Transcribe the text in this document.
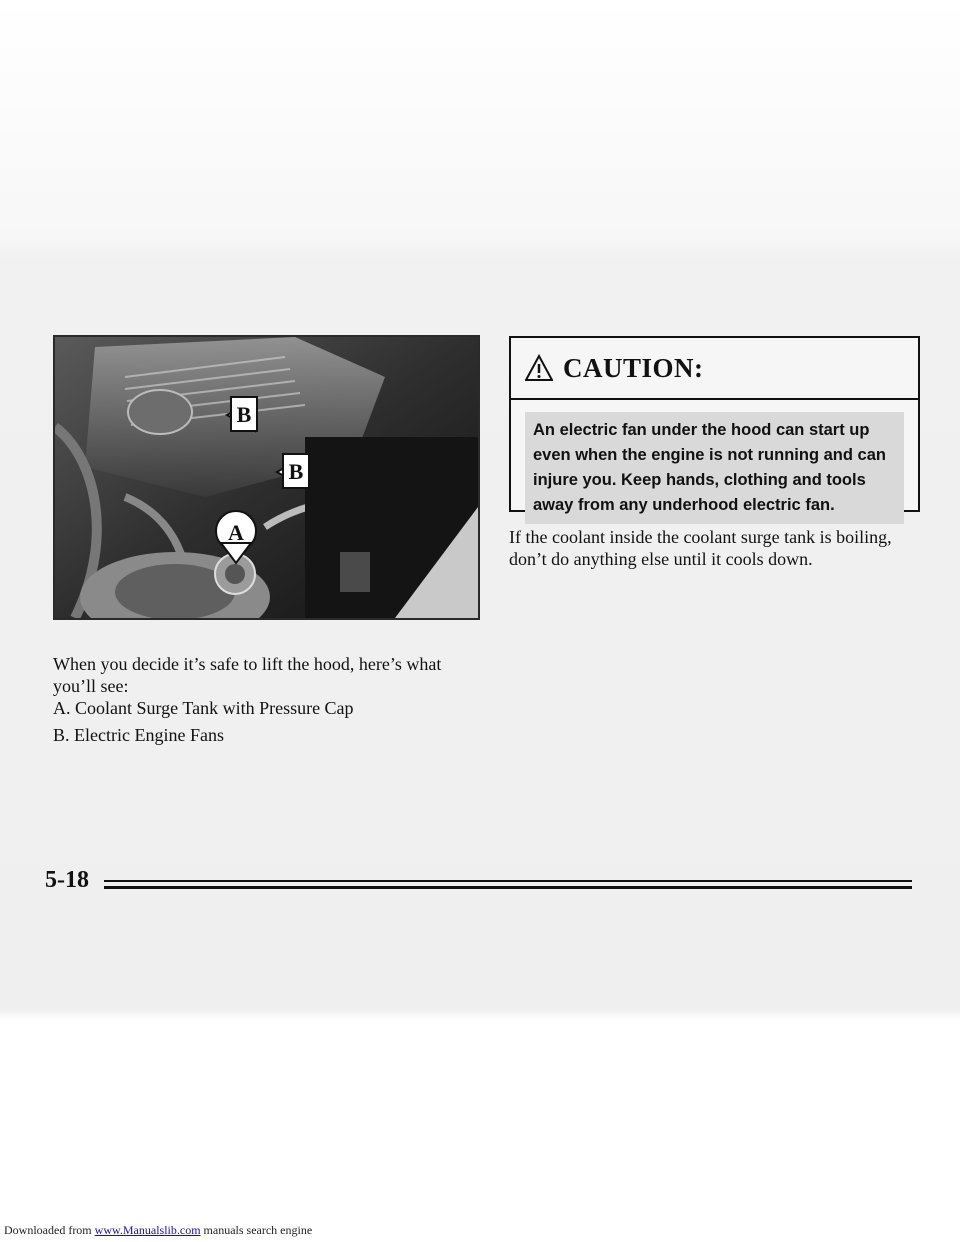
B
B
A
CAUTION:
An electric fan under the hood can start up even when the engine is not running and can injure you. Keep hands, clothing and tools away from any underhood electric fan.
If the coolant inside the coolant surge tank is boiling, don’t do anything else until it cools down.
When you decide it’s safe to lift the hood, here’s what you’ll see:
A. Coolant Surge Tank with Pressure Cap
B. Electric Engine Fans
5-18
Downloaded from www.Manualslib.com manuals search engine
